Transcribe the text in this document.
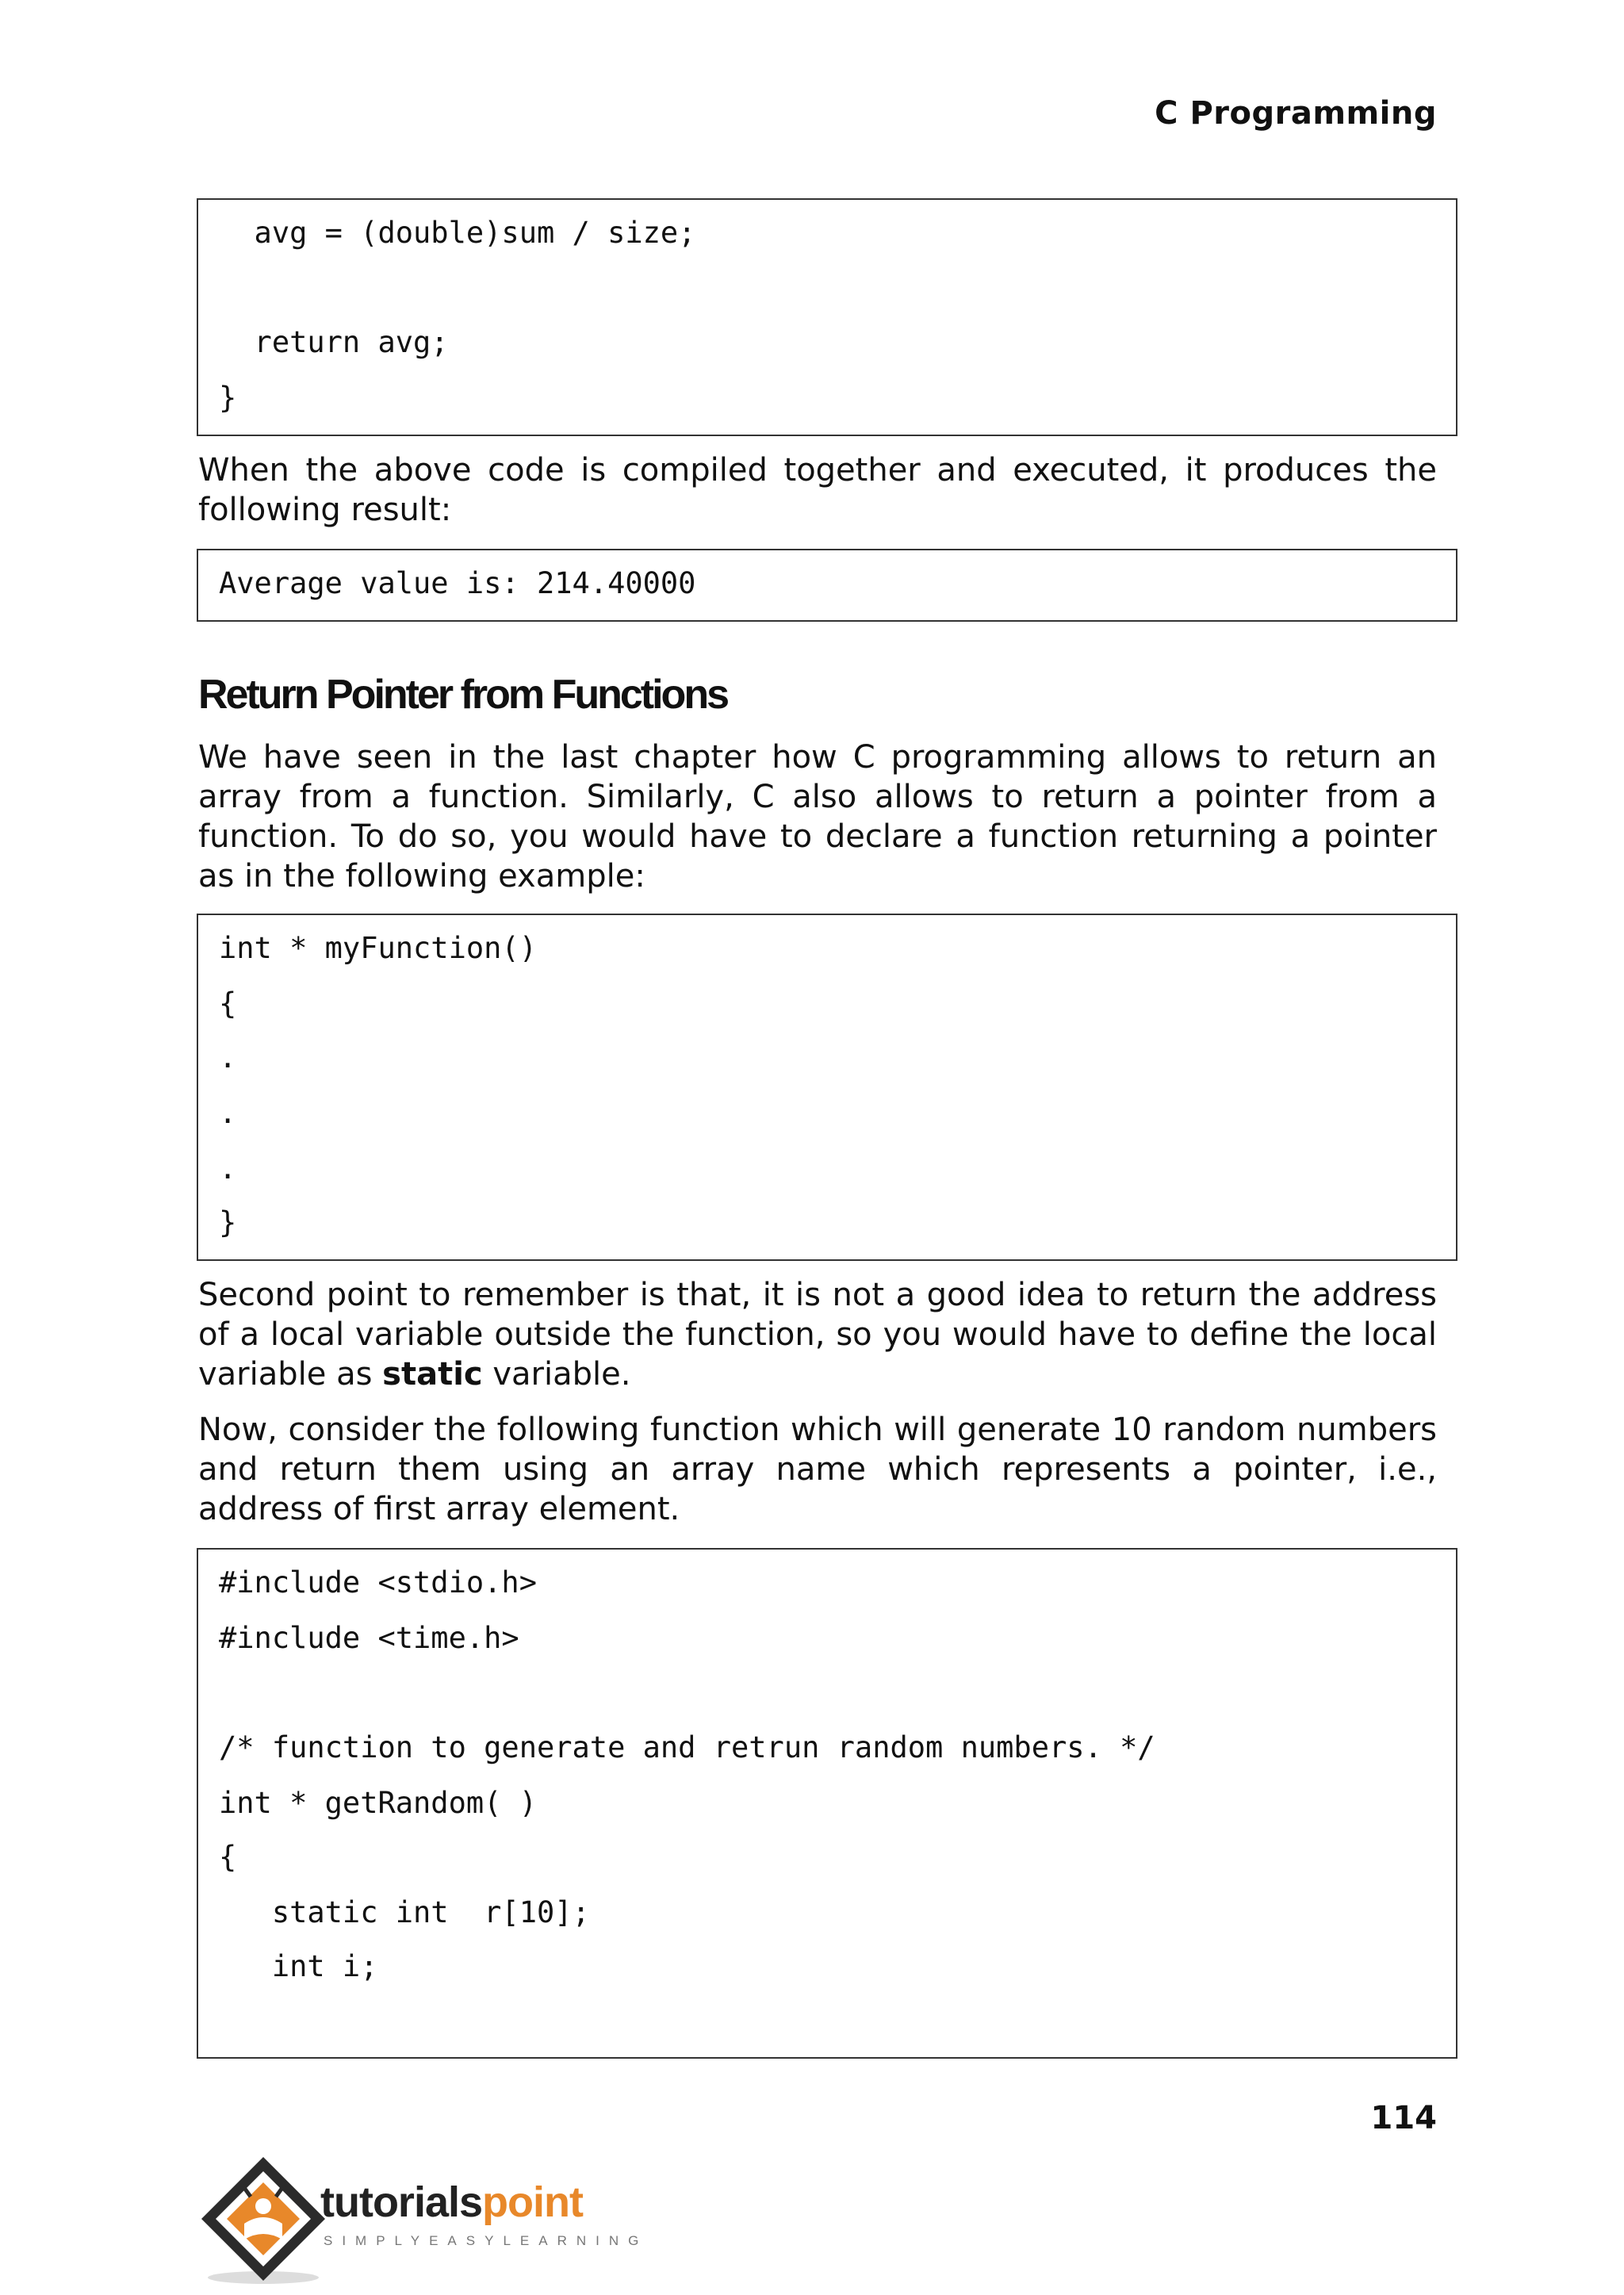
C Programming
avg = (double)sum / size;
return avg;
}
When the above code is compiled together and executed, it produces the following result:
Average value is: 214.40000
Return Pointer from Functions
We have seen in the last chapter how C programming allows to return an array from a function. Similarly, C also allows to return a pointer from a function. To do so, you would have to declare a function returning a pointer as in the following example:
int * myFunction()
{
.
.
.
}
Second point to remember is that, it is not a good idea to return the address of a local variable outside the function, so you would have to define the local variable as static variable.
Now, consider the following function which will generate 10 random numbers and return them using an array name which represents a pointer, i.e., address of first array element.
#include <stdio.h>
#include <time.h>
/* function to generate and retrun random numbers. */
int * getRandom( )
{
static int  r[10];
int i;
114
tutorialspoint
SIMPLYEASYLEARNING
